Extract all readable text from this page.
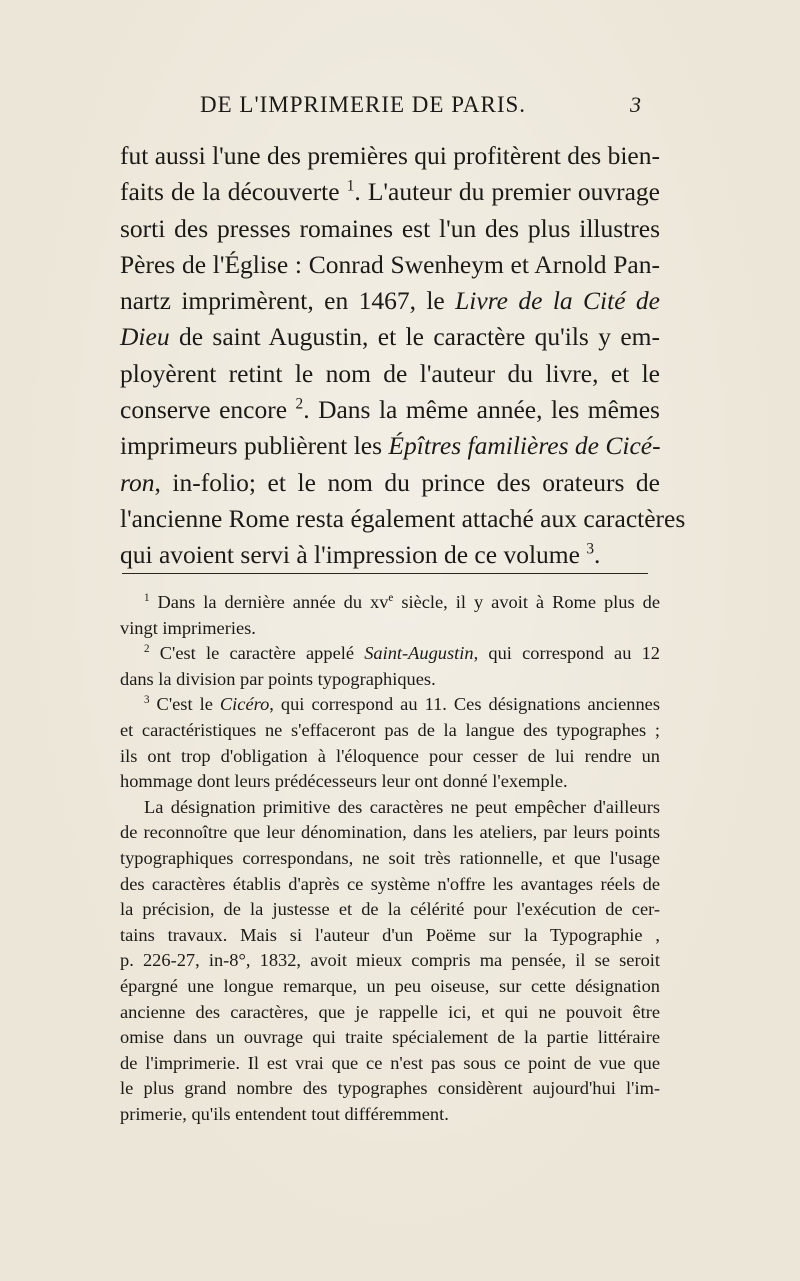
DE L'IMPRIMERIE DE PARIS.	3
fut aussi l'une des premières qui profitèrent des bien-
faits de la découverte $^1$. L'auteur du premier ouvrage
sorti des presses romaines est l'un des plus illustres
Pères de l'Église : Conrad Swenheym et Arnold Pan-
nartz imprimèrent, en 1467, le Livre de la Cité de
Dieu de saint Augustin, et le caractère qu'ils y em-
ployèrent retint le nom de l'auteur du livre, et le
conserve encore $^2$. Dans la même année, les mêmes
imprimeurs publièrent les Épîtres familières de Cicé-
ron, in-folio; et le nom du prince des orateurs de
l'ancienne Rome resta également attaché aux caractères
qui avoient servi à l'impression de ce volume $^3$.
$^1$ Dans la dernière année du $xv^e$ siècle, il y avoit à Rome plus de
vingt imprimeries.
$^2$ C'est le caractère appelé Saint-Augustin, qui correspond au 12
dans la division par points typographiques.
$^3$ C'est le Cicéro, qui correspond au 11. Ces désignations anciennes
et caractéristiques ne s'effaceront pas de la langue des typographes ;
ils ont trop d'obligation à l'éloquence pour cesser de lui rendre un
hommage dont leurs prédécesseurs leur ont donné l'exemple.
La désignation primitive des caractères ne peut empêcher d'ailleurs
de reconnoître que leur dénomination, dans les ateliers, par leurs points
typographiques correspondans, ne soit très rationnelle, et que l'usage
des caractères établis d'après ce système n'offre les avantages réels de
la précision, de la justesse et de la célérité pour l'exécution de cer-
tains travaux. Mais si l'auteur d'un Poëme sur la Typographie ,
p. 226-27, in-8°, 1832, avoit mieux compris ma pensée, il se seroit
épargné une longue remarque, un peu oiseuse, sur cette désignation
ancienne des caractères, que je rappelle ici, et qui ne pouvoit être
omise dans un ouvrage qui traite spécialement de la partie littéraire
de l'imprimerie. Il est vrai que ce n'est pas sous ce point de vue que
le plus grand nombre des typographes considèrent aujourd'hui l'im-
primerie, qu'ils entendent tout différemment.
